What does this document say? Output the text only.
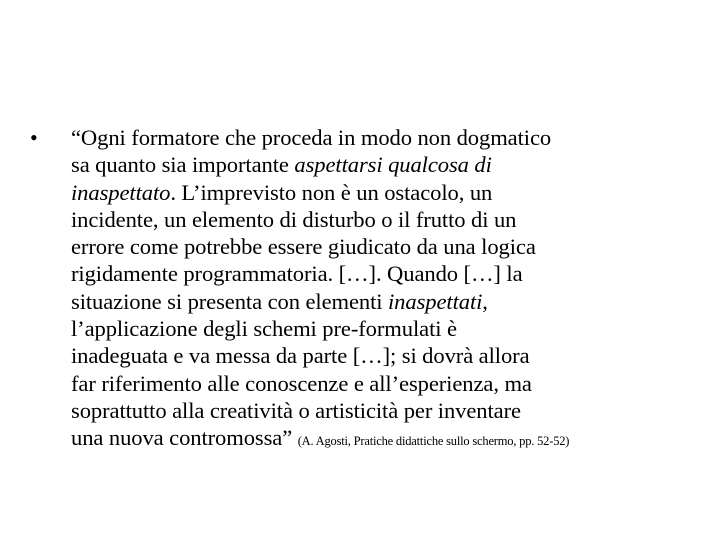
• “Ogni formatore che proceda in modo non dogmatico
sa quanto sia importante aspettarsi qualcosa di
inaspettato. L’imprevisto non è un ostacolo, un
incidente, un elemento di disturbo o il frutto di un
errore come potrebbe essere giudicato da una logica
rigidamente programmatoria. […]. Quando […] la
situazione si presenta con elementi inaspettati,
l’applicazione degli schemi pre-formulati è
inadeguata e va messa da parte […]; si dovrà allora
far riferimento alle conoscenze e all’esperienza, ma
soprattutto alla creatività o artisticità per inventare
una nuova contromossa” (A. Agosti, Pratiche didattiche sullo schermo, pp. 52-52)
